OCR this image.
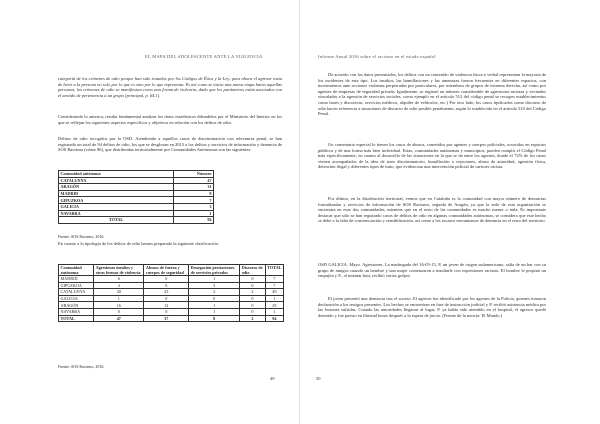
EL MAPA DEL ADOLESCENTE ANTE LA VIOLENCIA

categoría de los crímenes de odio porque han sido tratados por los Códigos de Ética y la Ley; pues ahora el agresor trata de herir a la persona no solo por lo que es sino por lo que representa. Es así como se inicia una nueva etapa hacia aquellas personas, los crímenes de odio se manifiestan como una forma de violencia, dado que los parámetros están asociados con el sentido de pertenencia a un grupo (principal, p. 64.1).

Considerando lo anterior, resulta fundamental analizar los datos estadísticos difundidos por el Ministerio del Interior en los que se reflejan los siguientes aspectos específicos y objetivos en relación con los delitos de odio.

Delitos de odio recogidos por la OSD. Atendiendo a aquellos casos de discriminación con relevancia penal, se han registrado un total de 94 delitos de odio, los que se desglosan en 2015 a los delitos y servicios de información y denuncia de SOS Racismo (véase 96), que distribuidas territorialmente por Comunidades Autónomas son las siguientes:

Comunidad autónoma	Número
CATALUNYA	47
ARAGÓN	31
MADRID	9
GIPUZKOA	7
GALICIA	3
NAVARRA	1
TOTAL	94
Fuente: SOS Racismo, 2016.

En cuanto a la tipología de los delitos de odio hemos preparado la siguiente clasificación.

Comunidad autónoma	Agresiones insultos y otras formas de violencia	Abusos de fuerza y cuerpos de seguridad	Denegación prestaciones de servicios privados	Discurso de odio	TOTAL
MADRID	6	0	1	0	7
GIPUZKOA	4	0	3	0	7
CATALUNYA	20	25	2	2	49
GALICIA	1	0	0	0	1
ARAGÓN	16	12	1	0	29
NAVARRA	0	0	1	0	1
TOTAL	47	37	8	2	94
Fuente: SOS Racismo, 2016.
49
Informe Anual 2016 sobre el racismo en el estado español

De acuerdo con los datos presentados, los delitos con un contenido de violencia física o verbal representan la mayoría de los incidentes de este tipo. Los insultos, las humillaciones y las amenazas fueron frecuentes en diferentes espacios, con movimientos ante acciones violentas perpetradas por particulares, por miembros de grupos de extrema derecha, así como por agentes de empresas de seguridad privada. Igualmente, se registró un número considerable de agresiones racistas y vecinales vinculadas a la agresión de servicios sociales, como ejemplo en el artículo 512 del código penal se recogen establecimientos como bares y discotecas, servicios médicos, alquiler de vehículos, etc.) Por otro lado, los casos tipificados como discurso de odio hacen referencia a situaciones de discurso de odio posible penalmente, según lo establecido en el artículo 510 del Código Penal.

Un comentario especial lo tienen los casos de abusos, cometidos por agentes y cuerpos policiales, ocurridos en espacios públicos y de una forma más bien individual. Estas, comunidades autónomas y municipios, pueden cumplir el Código Penal más específicamente, en cuanto al desarrollo de las situaciones en la que se da entre los agentes, donde el 72% de los casos vienen acompañados de la idea de trato discriminatorio, humillación o vejaciones, abuso de autoridad, agresión física, detención ilegal y diferentes tipos de trato, que evidencian una intervención policial de carácter racista.

Por último, en la distribución territorial, vemos que en Cataluña es la comunidad con mayor número de denuncias formalizadas y servicios de información de SOS Racismo, seguida de Aragón, ya que la sede de esta organización se encuentra en esas dos comunidades, mientras que en el resto de las comunidades es mucho menor o nula. Es importante destacar que sólo se han registrado casos de delitos de odio en algunas comunidades autónomas, se considera que este hecho se debe a la falta de concienciación y sensibilización, así como a los escasos mecanismos de denuncia en el resto del territorio.

OSD GALICIA. Mayo. Agresiones. La madrugada del 16-05-15, P, un joven de origen sudamericano, salía de un bar con su grupo de amigos cuando un hombre y una mujer comenzaron a insultarle con expresiones racistas. El hombre le propinó un empujón y P., al intentar huir, recibió varios golpes.

El joven presentó una denuncia tras el suceso. El agresor fue identificado por los agentes de la Policía, quienes tomaron declaración a los testigos presentes. Los hechos se encuentran en fase de instrucción judicial y P. recibió asistencia médica por las lesiones sufridas. Cuando las autoridades llegaron al lugar, P. ya había sido atendido en el hospital, el agresor quedó detenido y fue puesto en libertad horas después a la espera de juicio. (Fuente de la noticia: El Mundo.)

50
